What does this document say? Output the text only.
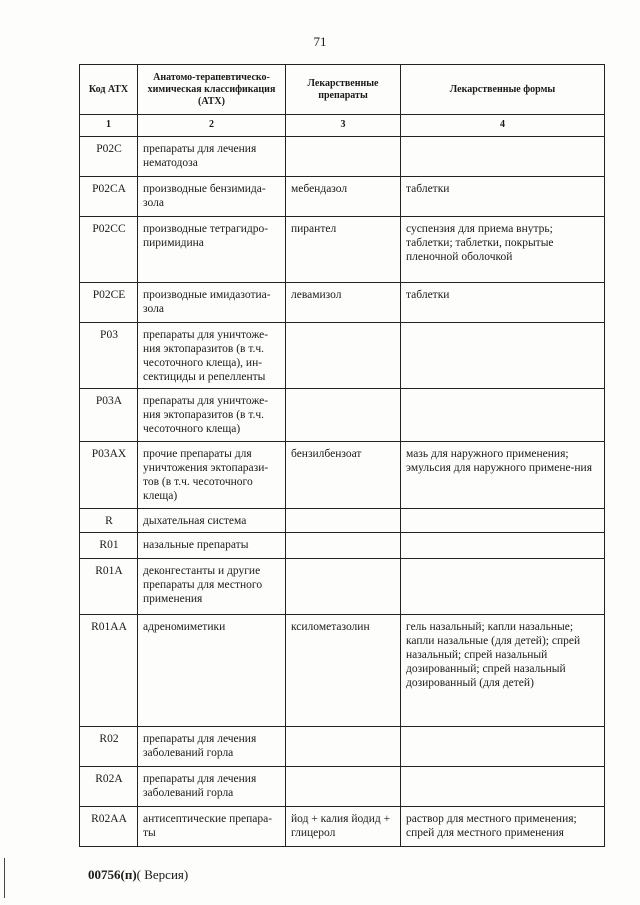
71
Код АТХ	Анатомо-терапевтическо-химическая классификация (АТХ)	Лекарственные препараты	Лекарственные формы
1	2	3	4
P02C	препараты для лечения нематодоза		
P02CA	производные бензимида-зола	мебендазол	таблетки
P02CC	производные тетрагидро-пиримидина	пирантел	суспензия для приема внутрь; таблетки; таблетки, покрытые пленочной оболочкой
P02CE	производные имидазотиа-зола	левамизол	таблетки
P03	препараты для уничтоже-ния эктопаразитов (в т.ч. чесоточного клеща), ин-сектициды и репелленты		
P03A	препараты для уничтоже-ния эктопаразитов (в т.ч. чесоточного клеща)		
P03AX	прочие препараты для уничтожения эктопарази-тов (в т.ч. чесоточного клеща)	бензилбензоат	мазь для наружного применения; эмульсия для наружного примене-ния
R	дыхательная система		
R01	назальные препараты		
R01A	деконгестанты и другие препараты для местного применения		
R01AA	адреномиметики	ксилометазолин	гель назальный; капли назальные; капли назальные (для детей); спрей назальный; спрей назальный дозированный; спрей назальный дозированный (для детей)
R02	препараты для лечения заболеваний горла		
R02A	препараты для лечения заболеваний горла		
R02AA	антисептические препара-ты	йод + калия йодид + глицерол	раствор для местного применения; спрей для местного применения
00756(п)( Версия)
